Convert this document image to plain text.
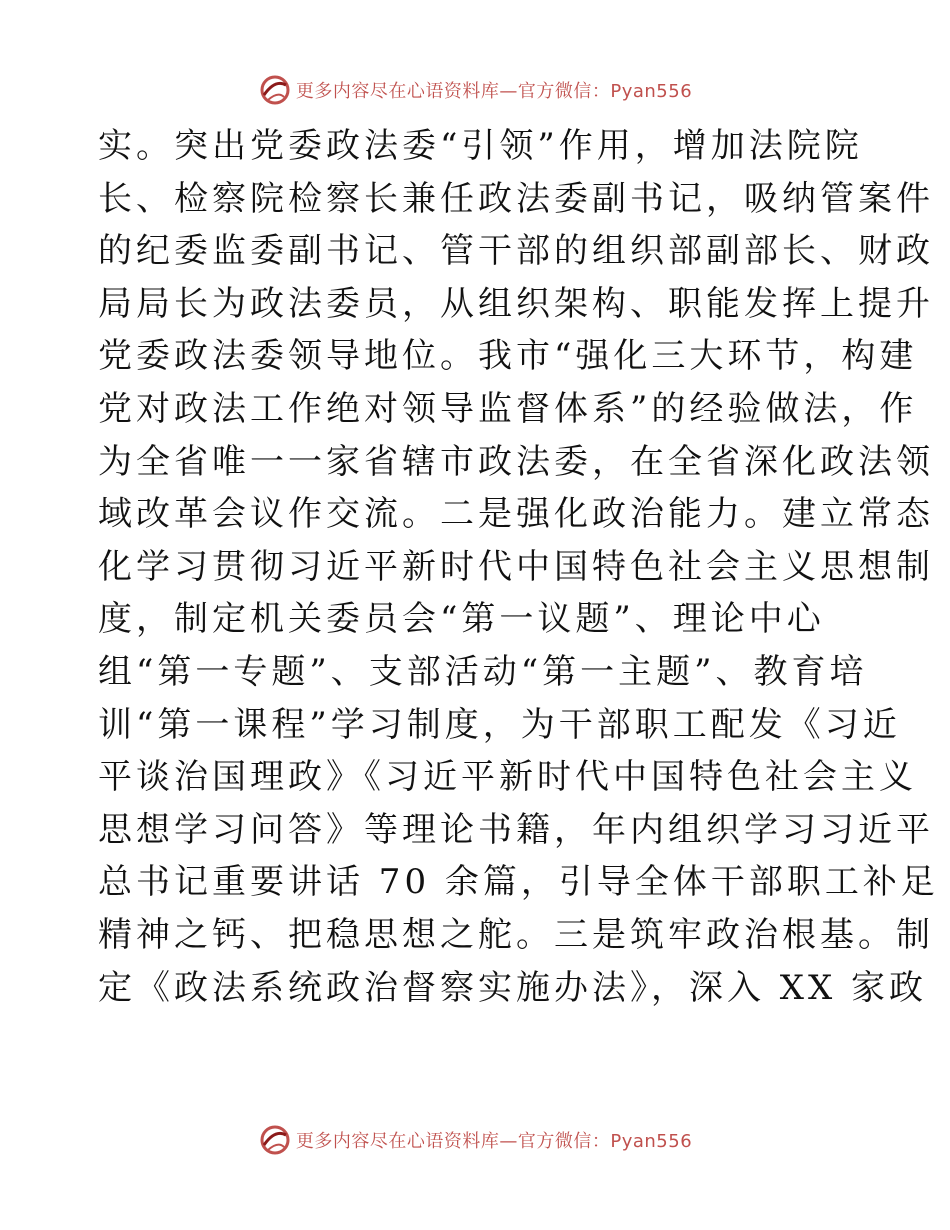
更多内容尽在心语资料库—官方微信：Pyan556
实。突出党委政法委“引领”作用，增加法院院
长、检察院检察长兼任政法委副书记，吸纳管案件
的纪委监委副书记、管干部的组织部副部长、财政
局局长为政法委员，从组织架构、职能发挥上提升
党委政法委领导地位。我市“强化三大环节，构建
党对政法工作绝对领导监督体系”的经验做法，作
为全省唯一一家省辖市政法委，在全省深化政法领
域改革会议作交流。二是强化政治能力。建立常态
化学习贯彻习近平新时代中国特色社会主义思想制
度，制定机关委员会“第一议题”、理论中心
组“第一专题”、支部活动“第一主题”、教育培
训“第一课程”学习制度，为干部职工配发《习近
平谈治国理政》《习近平新时代中国特色社会主义
思想学习问答》等理论书籍，年内组织学习习近平
总书记重要讲话 70 余篇，引导全体干部职工补足
精神之钙、把稳思想之舵。三是筑牢政治根基。制
定《政法系统政治督察实施办法》，深入 XX 家政
更多内容尽在心语资料库—官方微信：Pyan556
